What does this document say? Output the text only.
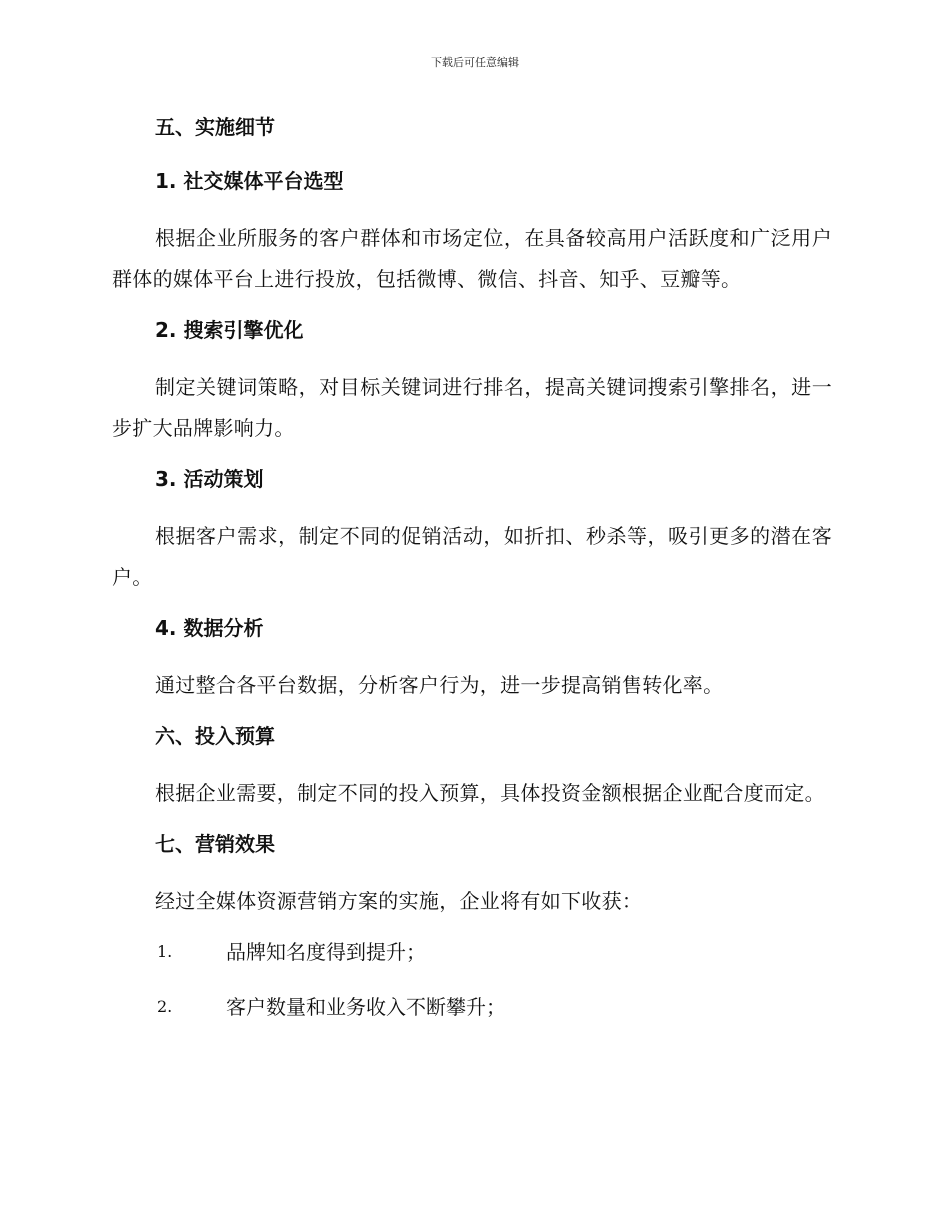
下载后可任意编辑
五、实施细节
1. 社交媒体平台选型

根据企业所服务的客户群体和市场定位，在具备较高用户活跃度和广泛用户群体的媒体平台上进行投放，包括微博、微信、抖音、知乎、豆瓣等。

2. 搜索引擎优化

制定关键词策略，对目标关键词进行排名，提高关键词搜索引擎排名，进一步扩大品牌影响力。

3. 活动策划

根据客户需求，制定不同的促销活动，如折扣、秒杀等，吸引更多的潜在客户。

4. 数据分析

通过整合各平台数据，分析客户行为，进一步提高销售转化率。

六、投入预算

根据企业需要，制定不同的投入预算，具体投资金额根据企业配合度而定。

七、营销效果

经过全媒体资源营销方案的实施，企业将有如下收获：

1.	品牌知名度得到提升；
2.	客户数量和业务收入不断攀升；
